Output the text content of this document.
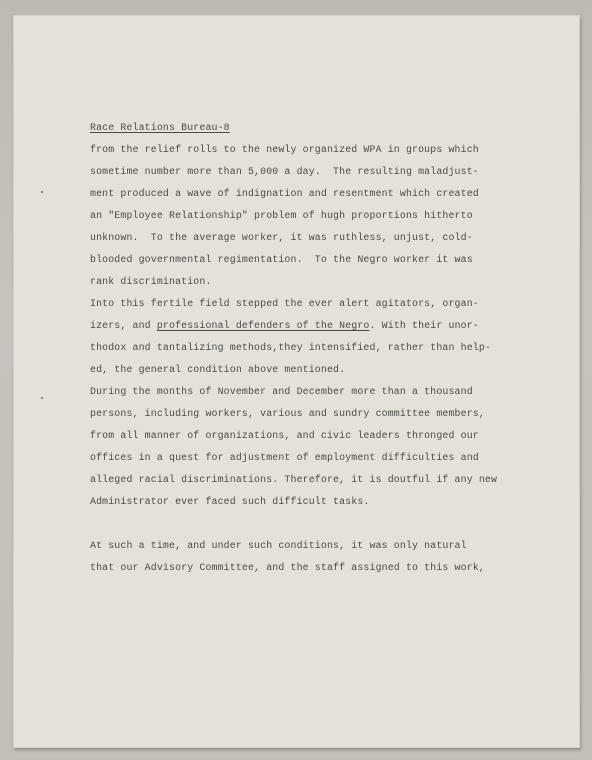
Race Relations Bureau-8
from the relief rolls to the newly organized WPA in groups which
sometime number more than 5,000 a day.  The resulting maladjust-
ment produced a wave of indignation and resentment which created
an "Employee Relationship" problem of hugh proportions hitherto
unknown.  To the average worker, it was ruthless, unjust, cold-
blooded governmental regimentation.  To the Negro worker it was
rank discrimination.
Into this fertile field stepped the ever alert agitators, organ-
izers, and professional defenders of the Negro. With their unor-
thodox and tantalizing methods,they intensified, rather than help-
ed, the general condition above mentioned.
During the months of November and December more than a thousand
persons, including workers, various and sundry committee members,
from all manner of organizations, and civic leaders thronged our
offices in a quest for adjustment of employment difficulties and
alleged racial discriminations. Therefore, it is doutful if any new
Administrator ever faced such difficult tasks.
At such a time, and under such conditions, it was only natural
that our Advisory Committee, and the staff assigned to this work,
